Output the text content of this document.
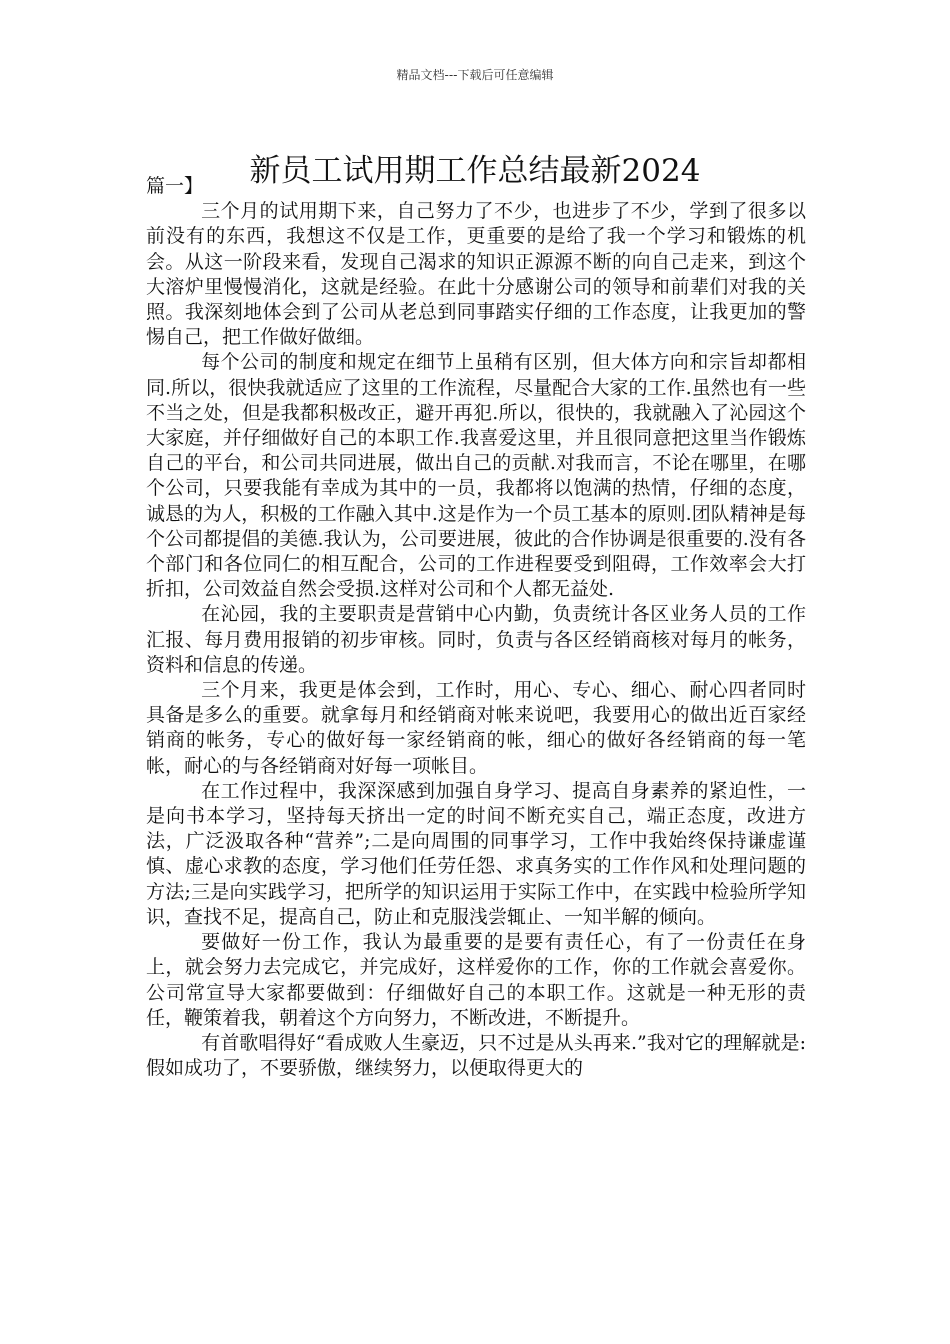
精品文档---下载后可任意编辑
新员工试用期工作总结最新2024

篇一】

三个月的试用期下来，自己努力了不少，也进步了不少，学到了很多以前没有的东西，我想这不仅是工作，更重要的是给了我一个学习和锻炼的机会。从这一阶段来看，发现自己渴求的知识正源源不断的向自己走来，到这个大溶炉里慢慢消化，这就是经验。在此十分感谢公司的领导和前辈们对我的关照。我深刻地体会到了公司从老总到同事踏实仔细的工作态度，让我更加的警惕自己，把工作做好做细。

每个公司的制度和规定在细节上虽稍有区别，但大体方向和宗旨却都相同.所以，很快我就适应了这里的工作流程，尽量配合大家的工作.虽然也有一些不当之处，但是我都积极改正，避开再犯.所以，很快的，我就融入了沁园这个大家庭，并仔细做好自己的本职工作.我喜爱这里，并且很同意把这里当作锻炼自己的平台，和公司共同进展，做出自己的贡献.对我而言，不论在哪里，在哪个公司，只要我能有幸成为其中的一员，我都将以饱满的热情，仔细的态度，诚恳的为人，积极的工作融入其中.这是作为一个员工基本的原则.团队精神是每个公司都提倡的美德.我认为，公司要进展，彼此的合作协调是很重要的.没有各个部门和各位同仁的相互配合，公司的工作进程要受到阻碍，工作效率会大打折扣，公司效益自然会受损.这样对公司和个人都无益处.

在沁园，我的主要职责是营销中心内勤，负责统计各区业务人员的工作汇报、每月费用报销的初步审核。同时，负责与各区经销商核对每月的帐务，资料和信息的传递。

三个月来，我更是体会到，工作时，用心、专心、细心、耐心四者同时具备是多么的重要。就拿每月和经销商对帐来说吧，我要用心的做出近百家经销商的帐务，专心的做好每一家经销商的帐，细心的做好各经销商的每一笔帐，耐心的与各经销商对好每一项帐目。

在工作过程中，我深深感到加强自身学习、提高自身素养的紧迫性，一是向书本学习，坚持每天挤出一定的时间不断充实自己，端正态度，改进方法，广泛汲取各种“营养”;二是向周围的同事学习，工作中我始终保持谦虚谨慎、虚心求教的态度，学习他们任劳任怨、求真务实的工作作风和处理问题的方法;三是向实践学习，把所学的知识运用于实际工作中，在实践中检验所学知识，查找不足，提高自己，防止和克服浅尝辄止、一知半解的倾向。

要做好一份工作，我认为最重要的是要有责任心，有了一份责任在身上，就会努力去完成它，并完成好，这样爱你的工作，你的工作就会喜爱你。公司常宣导大家都要做到：仔细做好自己的本职工作。这就是一种无形的责任，鞭策着我，朝着这个方向努力，不断改进，不断提升。

有首歌唱得好“看成败人生豪迈，只不过是从头再来.”我对它的理解就是:假如成功了，不要骄傲，继续努力，以便取得更大的
